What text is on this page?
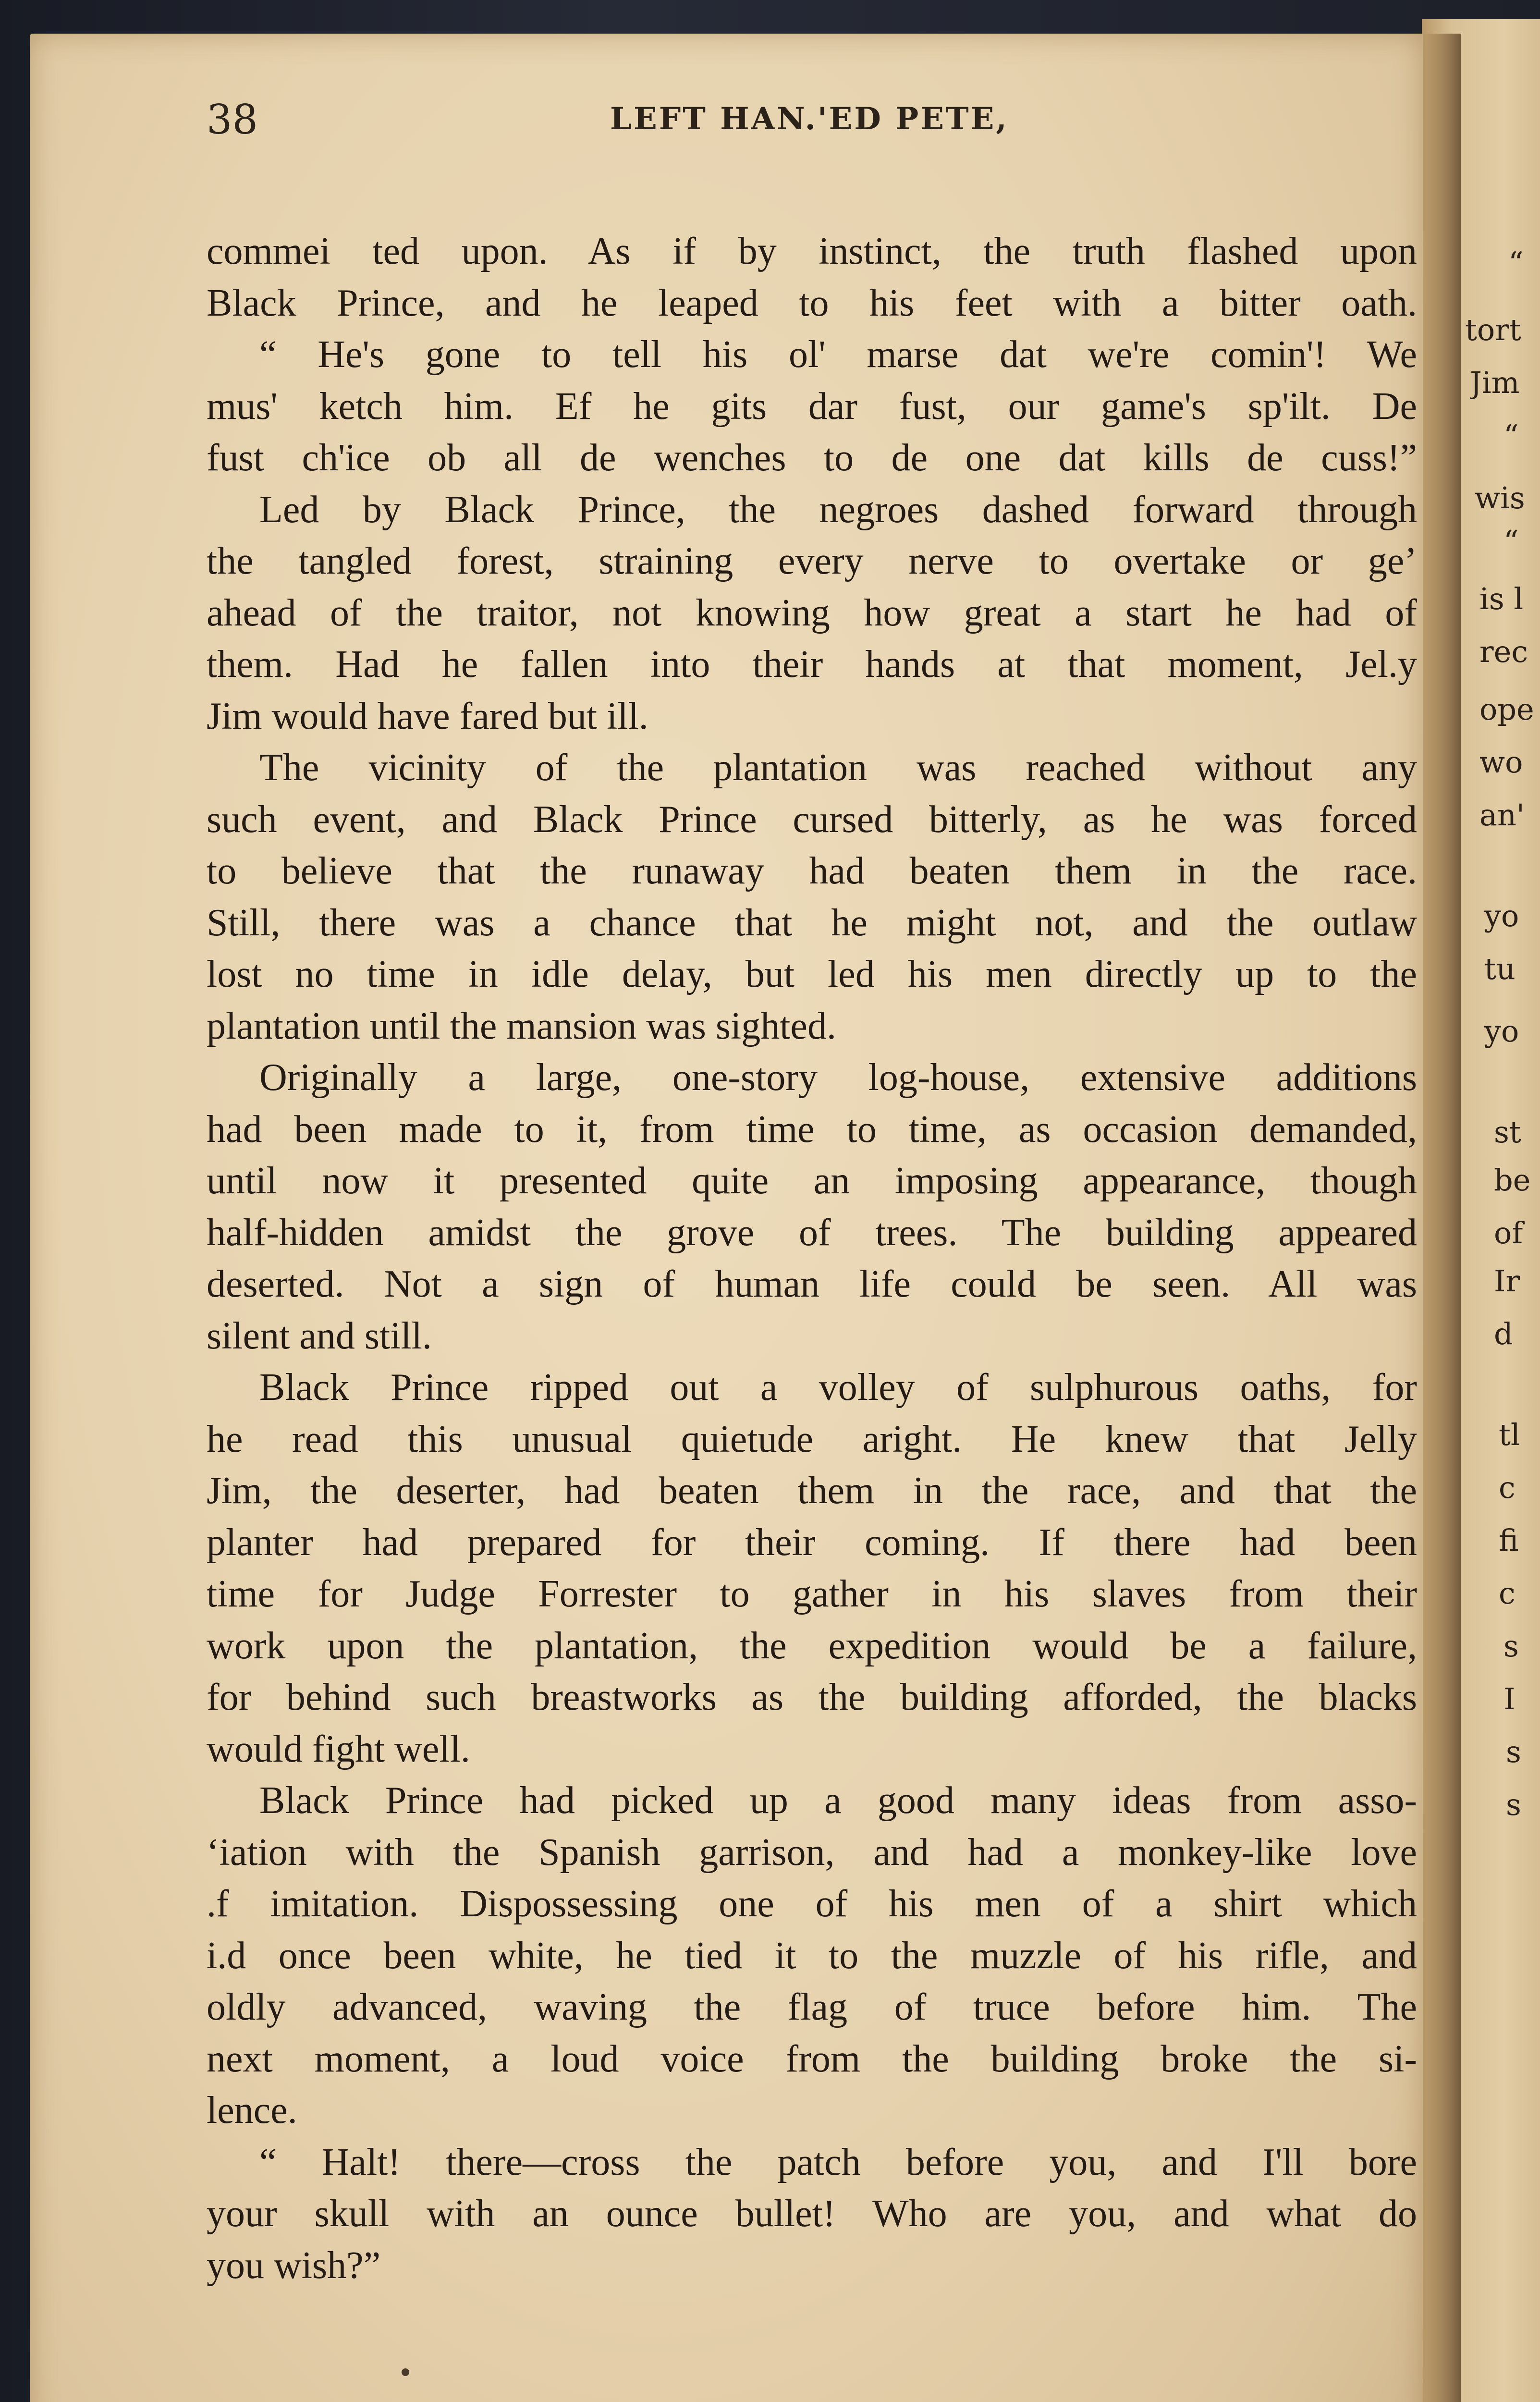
“
tort
Jim
“
wis
“
is l
rec
ope
wo
an'
yo
tu
yo
st
be
of
Ir
d
tl
c
fi
c
s
I
s
s
38	LEFT HAN.'ED PETE,
commei ted upon. As if by instinct, the truth flashed upon
Black Prince, and he leaped to his feet with a bitter oath.
“ He's gone to tell his ol' marse dat we're comin'! We
mus' ketch him. Ef he gits dar fust, our game's sp'ilt. De
fust ch'ice ob all de wenches to de one dat kills de cuss!”
Led by Black Prince, the negroes dashed forward through
the tangled forest, straining every nerve to overtake or geʼ
ahead of the traitor, not knowing how great a start he had of
them. Had he fallen into their hands at that moment, Jel.y
Jim would have fared but ill.
The vicinity of the plantation was reached without any
such event, and Black Prince cursed bitterly, as he was forced
to believe that the runaway had beaten them in the race.
Still, there was a chance that he might not, and the outlaw
lost no time in idle delay, but led his men directly up to the
plantation until the mansion was sighted.
Originally a large, one-story log-house, extensive additions
had been made to it, from time to time, as occasion demanded,
until now it presented quite an imposing appearance, though
half-hidden amidst the grove of trees. The building appeared
deserted. Not a sign of human life could be seen. All was
silent and still.
Black Prince ripped out a volley of sulphurous oaths, for
he read this unusual quietude aright. He knew that Jelly
Jim, the deserter, had beaten them in the race, and that the
planter had prepared for their coming. If there had been
time for Judge Forrester to gather in his slaves from their
work upon the plantation, the expedition would be a failure,
for behind such breastworks as the building afforded, the blacks
would fight well.
Black Prince had picked up a good many ideas from asso-
ʻiation with the Spanish garrison, and had a monkey-like love
.f imitation. Dispossessing one of his men of a shirt which
i.d once been white, he tied it to the muzzle of his rifle, and
oldly advanced, waving the flag of truce before him. The
next moment, a loud voice from the building broke the si-
lence.
“ Halt! there—cross the patch before you, and I'll bore
your skull with an ounce bullet! Who are you, and what do
you wish?”
